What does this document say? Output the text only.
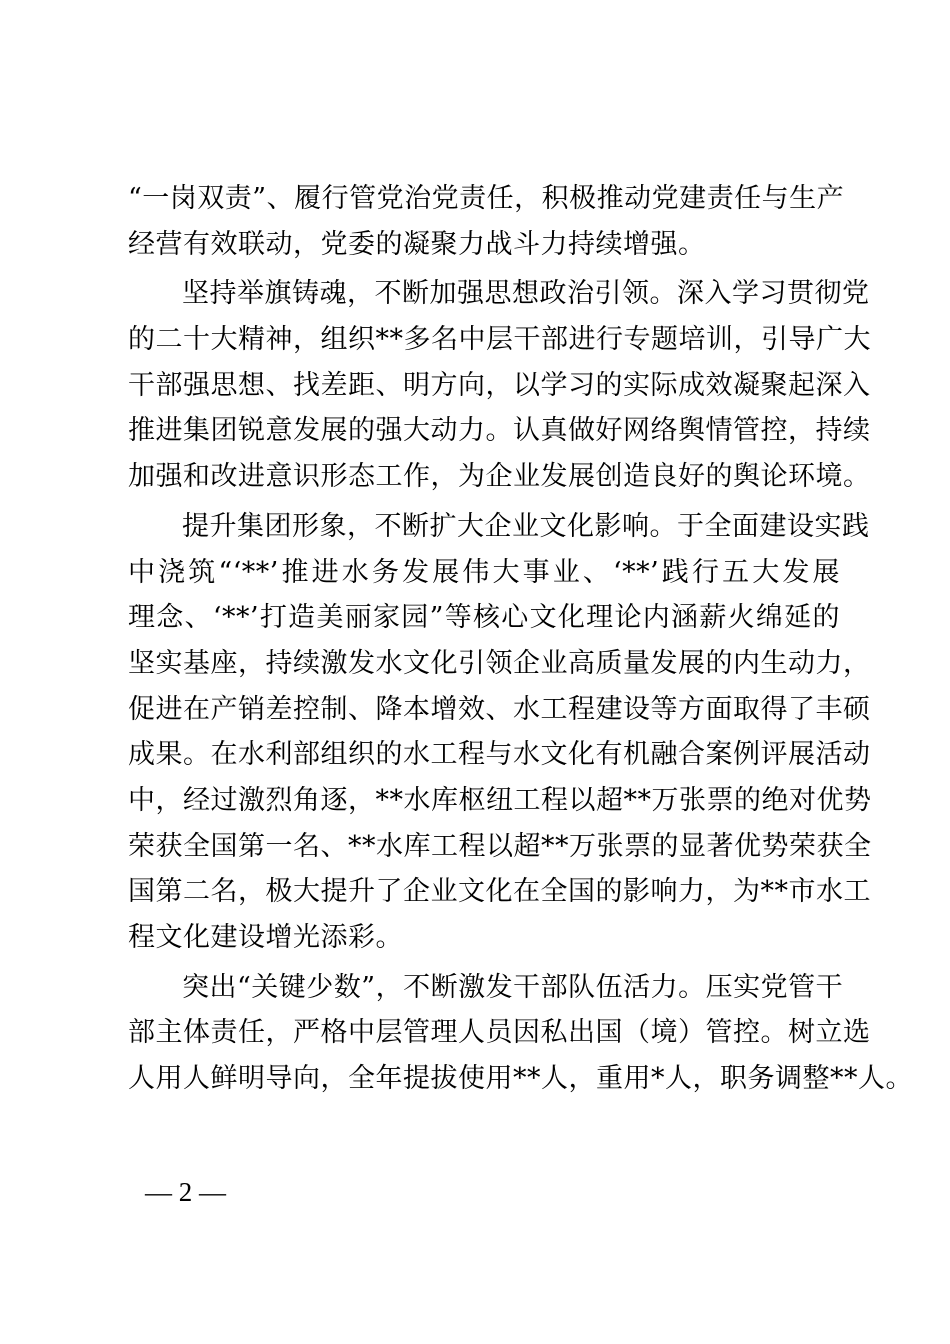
“一岗双责”、履行管党治党责任，积极推动党建责任与生产
经营有效联动，党委的凝聚力战斗力持续增强。
坚持举旗铸魂，不断加强思想政治引领。深入学习贯彻党
的二十大精神，组织**多名中层干部进行专题培训，引导广大
干部强思想、找差距、明方向，以学习的实际成效凝聚起深入
推进集团锐意发展的强大动力。认真做好网络舆情管控，持续
加强和改进意识形态工作，为企业发展创造良好的舆论环境。
提升集团形象，不断扩大企业文化影响。于全面建设实践
中浇筑“‘**’推进水务发展伟大事业、‘**’践行五大发展
理念、‘**’打造美丽家园”等核心文化理论内涵薪火绵延的
坚实基座，持续激发水文化引领企业高质量发展的内生动力，
促进在产销差控制、降本增效、水工程建设等方面取得了丰硕
成果。在水利部组织的水工程与水文化有机融合案例评展活动
中，经过激烈角逐，**水库枢纽工程以超**万张票的绝对优势
荣获全国第一名、**水库工程以超**万张票的显著优势荣获全
国第二名，极大提升了企业文化在全国的影响力，为**市水工
程文化建设增光添彩。
突出“关键少数”，不断激发干部队伍活力。压实党管干
部主体责任，严格中层管理人员因私出国（境）管控。树立选
人用人鲜明导向，全年提拔使用**人，重用*人，职务调整**人。
— 2 —
